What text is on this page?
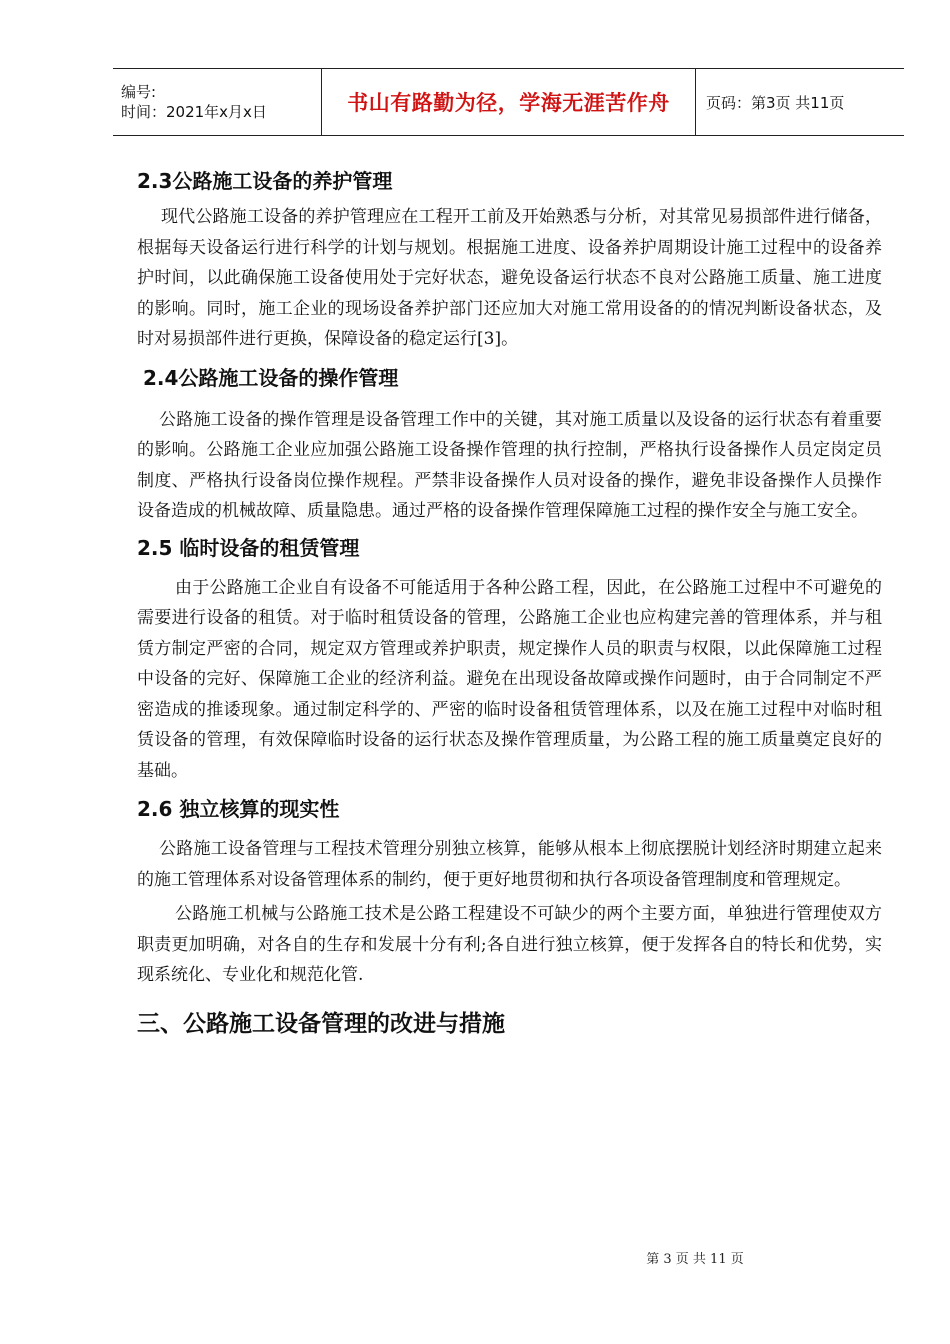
编号:
时间：2021年x月x日	书山有路勤为径，学海无涯苦作舟	页码：第3页 共11页
2.3公路施工设备的养护管理

现代公路施工设备的养护管理应在工程开工前及开始熟悉与分析，对其常见易损部件进行储备，根据每天设备运行进行科学的计划与规划。根据施工进度、设备养护周期设计施工过程中的设备养护时间，以此确保施工设备使用处于完好状态，避免设备运行状态不良对公路施工质量、施工进度的影响。同时，施工企业的现场设备养护部门还应加大对施工常用设备的的情况判断设备状态，及时对易损部件进行更换，保障设备的稳定运行[3]。

2.4公路施工设备的操作管理

公路施工设备的操作管理是设备管理工作中的关键，其对施工质量以及设备的运行状态有着重要的影响。公路施工企业应加强公路施工设备操作管理的执行控制，严格执行设备操作人员定岗定员制度、严格执行设备岗位操作规程。严禁非设备操作人员对设备的操作，避免非设备操作人员操作设备造成的机械故障、质量隐患。通过严格的设备操作管理保障施工过程的操作安全与施工安全。

2.5 临时设备的租赁管理

由于公路施工企业自有设备不可能适用于各种公路工程，因此，在公路施工过程中不可避免的需要进行设备的租赁。对于临时租赁设备的管理，公路施工企业也应构建完善的管理体系，并与租赁方制定严密的合同，规定双方管理或养护职责，规定操作人员的职责与权限，以此保障施工过程中设备的完好、保障施工企业的经济利益。避免在出现设备故障或操作问题时，由于合同制定不严密造成的推诿现象。通过制定科学的、严密的临时设备租赁管理体系，以及在施工过程中对临时租赁设备的管理，有效保障临时设备的运行状态及操作管理质量，为公路工程的施工质量奠定良好的基础。

2.6 独立核算的现实性

公路施工设备管理与工程技术管理分别独立核算，能够从根本上彻底摆脱计划经济时期建立起来的施工管理体系对设备管理体系的制约，便于更好地贯彻和执行各项设备管理制度和管理规定。

公路施工机械与公路施工技术是公路工程建设不可缺少的两个主要方面，单独进行管理使双方职责更加明确，对各自的生存和发展十分有利;各自进行独立核算，便于发挥各自的特长和优势，实现系统化、专业化和规范化管.

三、公路施工设备管理的改进与措施
第 3 页 共 11 页
